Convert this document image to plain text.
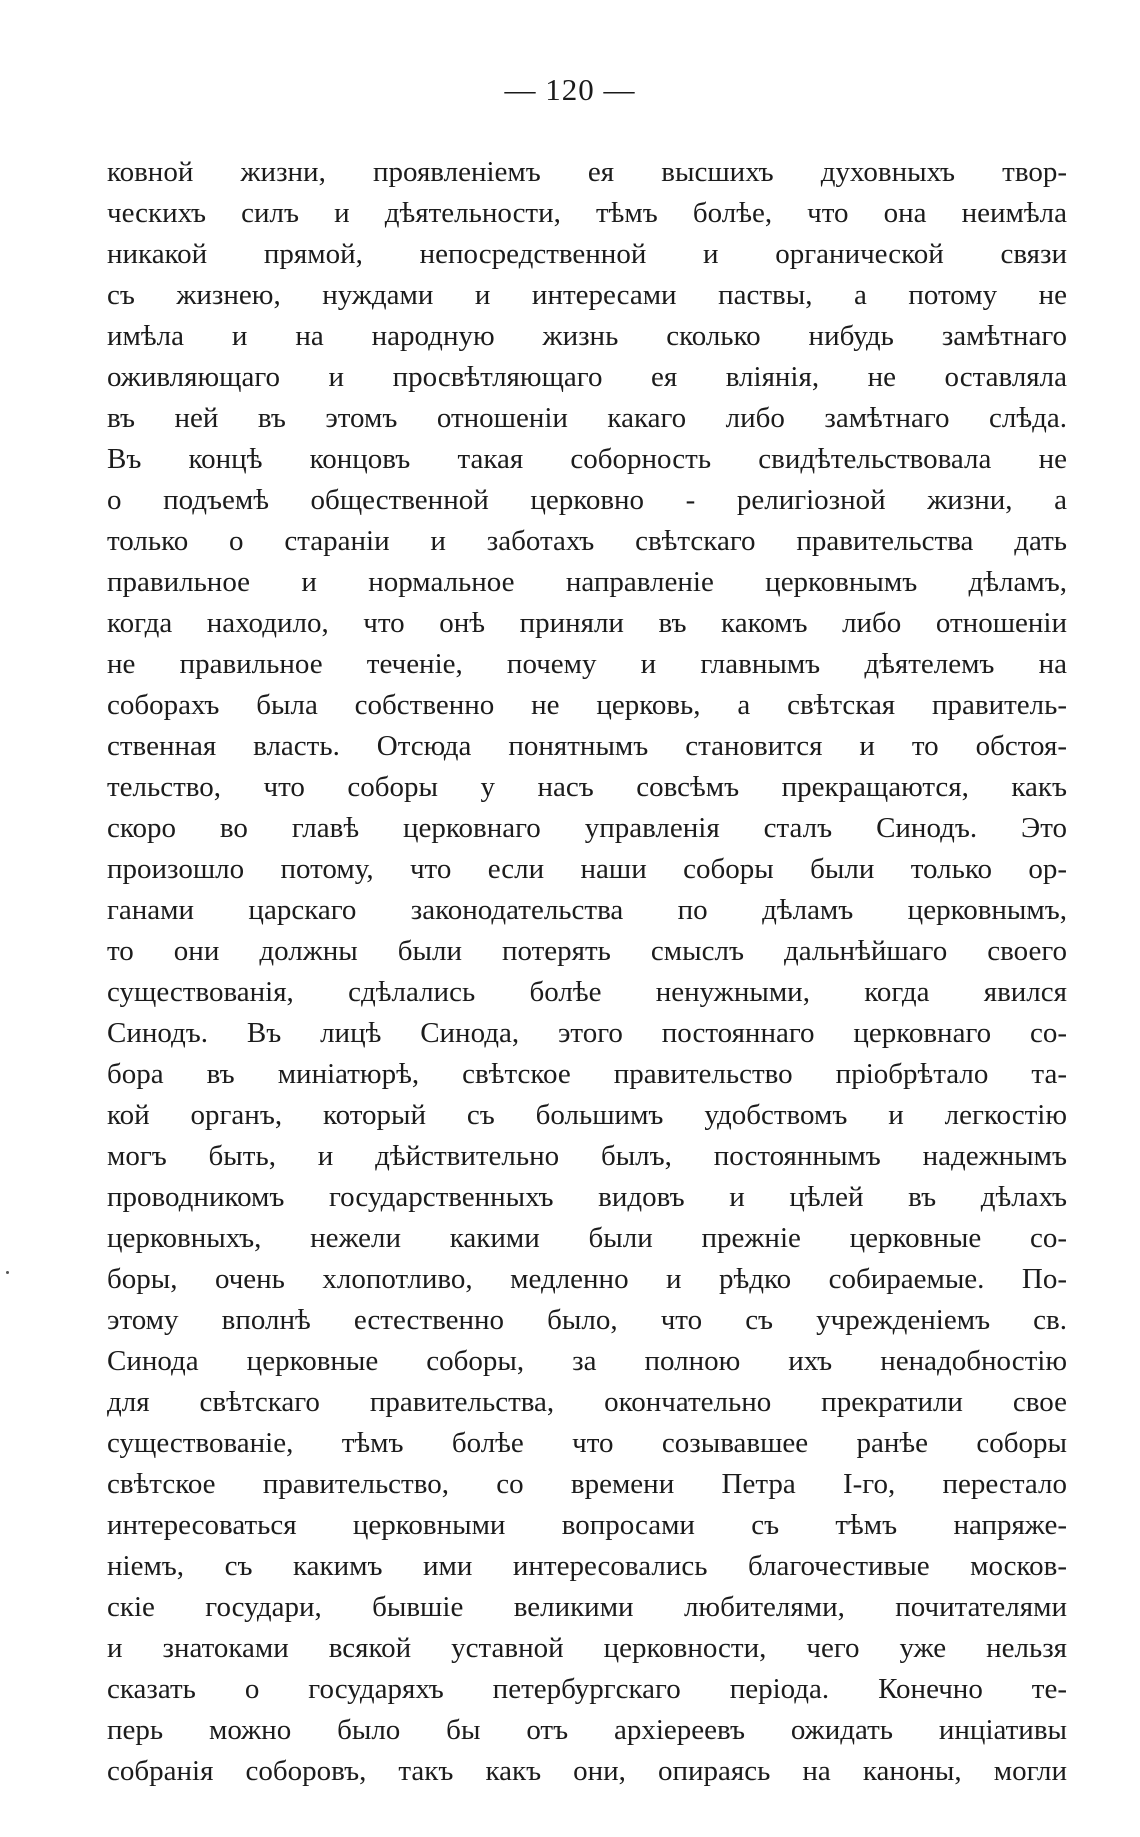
— 120 —
ковной жизни, проявленіемъ ея высшихъ духовныхъ твор-
ческихъ силъ и дѣятельности, тѣмъ болѣе, что она неимѣла
никакой прямой, непосредственной и органической связи
съ жизнею, нуждами и интересами паствы, а потому не
имѣла и на народную жизнь сколько нибудь замѣтнаго
оживляющаго и просвѣтляющаго ея вліянія, не оставляла
въ ней въ этомъ отношеніи какаго либо замѣтнаго слѣда.
Въ концѣ концовъ такая соборность свидѣтельствовала не
о подъемѣ общественной церковно - религіозной жизни, а
только о стараніи и заботахъ свѣтскаго правительства дать
правильное и нормальное направленіе церковнымъ дѣламъ,
когда находило, что онѣ приняли въ какомъ либо отношеніи
не правильное теченіе, почему и главнымъ дѣятелемъ на
соборахъ была собственно не церковь, а свѣтская правитель-
ственная власть. Отсюда понятнымъ становится и то обстоя-
тельство, что соборы у насъ совсѣмъ прекращаются, какъ
скоро во главѣ церковнаго управленія сталъ Синодъ. Это
произошло потому, что если наши соборы были только ор-
ганами царскаго законодательства по дѣламъ церковнымъ,
то они должны были потерять смыслъ дальнѣйшаго своего
существованія, сдѣлались болѣе ненужными, когда явился
Синодъ. Въ лицѣ Синода, этого постояннаго церковнаго со-
бора въ миніатюрѣ, свѣтское правительство пріобрѣтало та-
кой органъ, который съ большимъ удобствомъ и легкостію
могъ быть, и дѣйствительно былъ, постояннымъ надежнымъ
проводникомъ государственныхъ видовъ и цѣлей въ дѣлахъ
церковныхъ, нежели какими были прежніе церковные со-
боры, очень хлопотливо, медленно и рѣдко собираемые. По-
этому вполнѣ естественно было, что съ учрежденіемъ св.
Синода церковные соборы, за полною ихъ ненадобностію
для свѣтскаго правительства, окончательно прекратили свое
существованіе, тѣмъ болѣе что созывавшее ранѣе соборы
свѣтское правительство, со времени Петра I-го, перестало
интересоваться церковными вопросами съ тѣмъ напряже-
ніемъ, съ какимъ ими интересовались благочестивые москов-
скіе государи, бывшіе великими любителями, почитателями
и знатоками всякой уставной церковности, чего уже нельзя
сказать о государяхъ петербургскаго періода. Конечно те-
перь можно было бы отъ архіереевъ ожидать инціативы
собранія соборовъ, такъ какъ они, опираясь на каноны, могли
